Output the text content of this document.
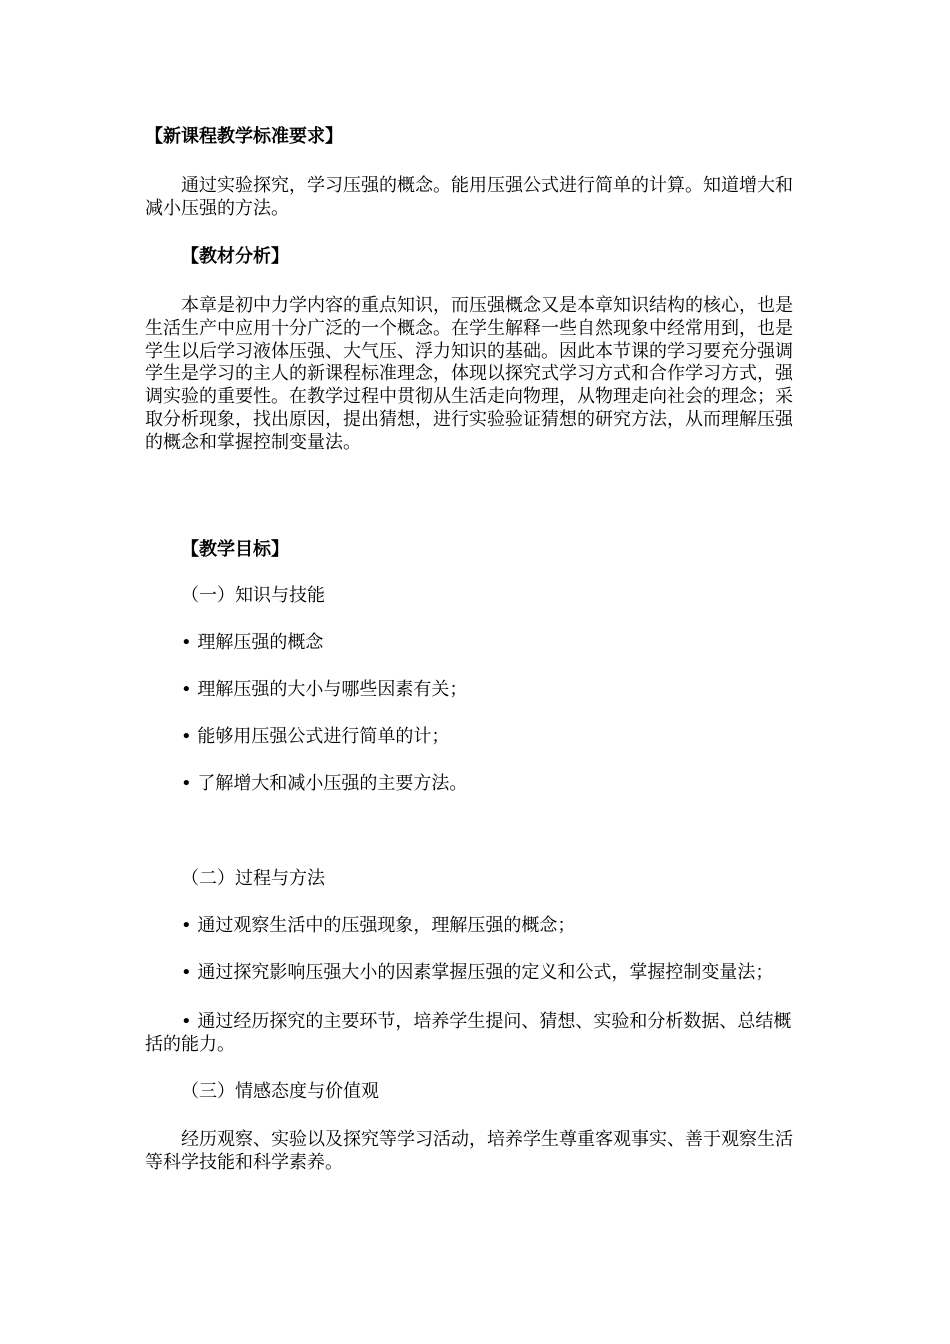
【新课程教学标准要求】

通过实验探究，学习压强的概念。能用压强公式进行简单的计算。知道增大和减小压强的方法。

【教材分析】

本章是初中力学内容的重点知识，而压强概念又是本章知识结构的核心，也是生活生产中应用十分广泛的一个概念。在学生解释一些自然现象中经常用到，也是学生以后学习液体压强、大气压、浮力知识的基础。因此本节课的学习要充分强调学生是学习的主人的新课程标准理念，体现以探究式学习方式和合作学习方式，强调实验的重要性。在教学过程中贯彻从生活走向物理，从物理走向社会的理念；采取分析现象，找出原因，提出猜想，进行实验验证猜想的研究方法，从而理解压强的概念和掌握控制变量法。

【教学目标】

（一）知识与技能

• 理解压强的概念

• 理解压强的大小与哪些因素有关；

• 能够用压强公式进行简单的计；

• 了解增大和减小压强的主要方法。

（二）过程与方法

• 通过观察生活中的压强现象，理解压强的概念；

• 通过探究影响压强大小的因素掌握压强的定义和公式，掌握控制变量法；

• 通过经历探究的主要环节，培养学生提问、猜想、实验和分析数据、总结概括的能力。

（三）情感态度与价值观

经历观察、实验以及探究等学习活动，培养学生尊重客观事实、善于观察生活等科学技能和科学素养。
